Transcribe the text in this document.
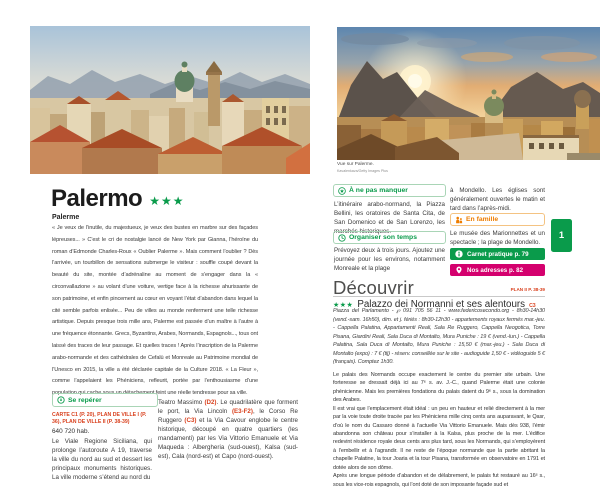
Palermo ★★★
Palerme

« Je veux de l’inutile, du majestueux, je veux des bustes en marbre sur des façades lépreuses... » C’est le cri de nostalgie lancé de New York par Gianna, l’héroïne du roman d’Edmonde Charles-Roux « Oublier Palerme ». Mais comment l’oublier ? Dès l’arrivée, un tourbillon de sensations submerge le visiteur : souffle coupé devant la beauté du site, montée d’adrénaline au moment de s’engager dans la « circonvallazione » au volant d’une voiture, vertige face à la richesse ahurissante de son patrimoine, et enfin pincement au cœur en voyant l’état d’abandon dans lequel la cité semble parfois enlisée... Peu de villes au monde renferment une telle richesse artistique. Depuis presque trois mille ans, Palerme est passée d’un maître à l’autre à une fréquence étonnante. Grecs, Byzantins, Arabes, Normands, Espagnols..., tous ont laissé des traces de leur passage. Et quelles traces ! Après l’inscription de la Palerme arabo-normande et des cathédrales de Cefalù et Monreale au Patrimoine mondial de l’Unesco en 2015, la ville a été déclarée capitale de la Culture 2018. « La Fleur », comme l’appelaient les Phéniciens, refleurit, portée par l’enthousiasme d’une population qui cache sous un détachement feint une réelle tendresse pour sa ville.

Se repérer
CARTE C1 (P. 20), PLAN DE VILLE I (P. 36), PLAN DE VILLE II (P. 38-39)
640 720 hab.

Le Viale Regione Siciliana, qui prolonge l’autoroute A 19, traverse la ville du nord au sud et dessert les principaux monuments historiques. La ville moderne s’étend au nord du

Teatro Massimo (D2). Le quadrilatère que forment le port, la Via Lincoln (E3-F2), le Corso Re Ruggero (C3) et la Via Cavour englobe le centre historique, découpé en quatre quartiers (les mandamenti) par les Via Vittorio Emanuele et Via Maqueda : Albergheria (sud-ouest), Kalsa (sud-est), Cala (nord-est) et Capo (nord-ouest).

Vue sur Palerme.
Kavalenkava/Getty Images Plus
À ne pas manquer

L’itinéraire arabo-normand, la Piazza Bellini, les oratoires de Santa Cita, de San Domenico et de San Lorenzo, les marchés historiques.

Organiser son temps

Prévoyez deux à trois jours. Ajoutez une journée pour les environs, notamment Monreale et la plage

à Mondello. Les églises sont généralement ouvertes le matin et tard dans l’après-midi.

En famille

Le musée des Marionnettes et un spectacle ; la plage de Mondello.

Carnet pratique p. 79
Nos adresses p. 82
1
Découvrir	PLAN II P. 38-39
★★★ Palazzo dei Normanni et ses alentours C3

Piazza del Parlamento - ℘ 091 705 56 11 - www.federicosecondo.org - 8h30-14h30 (vend.-sam. 16h50), dim. et j. fériés : 8h30-12h30 - appartements royaux fermés mar.-jeu. - Cappella Palatina, Appartamenti Reali, Sala Re Ruggero, Cappella Neogotica, Torre Pisana, Giardini Reali, Sala Duca di Montalto, Mura Puniche : 19 € (vend.-lun.) - Cappella Palatina, Sala Duca di Montalto, Mura Puniche : 15,50 € (mar.-jeu.) - Sala Duca di Montalto (expo) : 7 € (tlj) - réserv. conseillée sur le site - audioguide 1,50 € - vidéoguide 5 € (français). Comptez 1h30.

Le palais des Normands occupe exactement le centre du premier site urbain. Une forteresse se dressait déjà ici au 7ᵉ s. av. J.-C., quand Palerme était une colonie phénicienne. Mais les premières fondations du palais datent du 9ᵉ s., sous la domination des Arabes.

Il est vrai que l’emplacement était idéal : un peu en hauteur et relié directement à la mer par la voie toute droite tracée par les Phéniciens mille cinq cents ans auparavant, le Qasr, d’où le nom du Cassaro donné à l’actuelle Via Vittorio Emanuele. Mais dès 938, l’émir abandonna son château pour s’installer à la Kalsa, plus proche de la mer. L’édifice redevint résidence royale deux cents ans plus tard, sous les Normands, qui s’employèrent à l’embellir et à l’agrandir. Il ne reste de l’époque normande que la partie abritant la chapelle Palatine, la tour Joaria et la tour Pisana, transformée en observatoire en 1791 et dotée alors de son dôme.

Après une longue période d’abandon et de délabrement, le palais fut restauré au 16ᵉ s., sous les vice-rois espagnols, qui l’ont doté de son imposante façade sud et
